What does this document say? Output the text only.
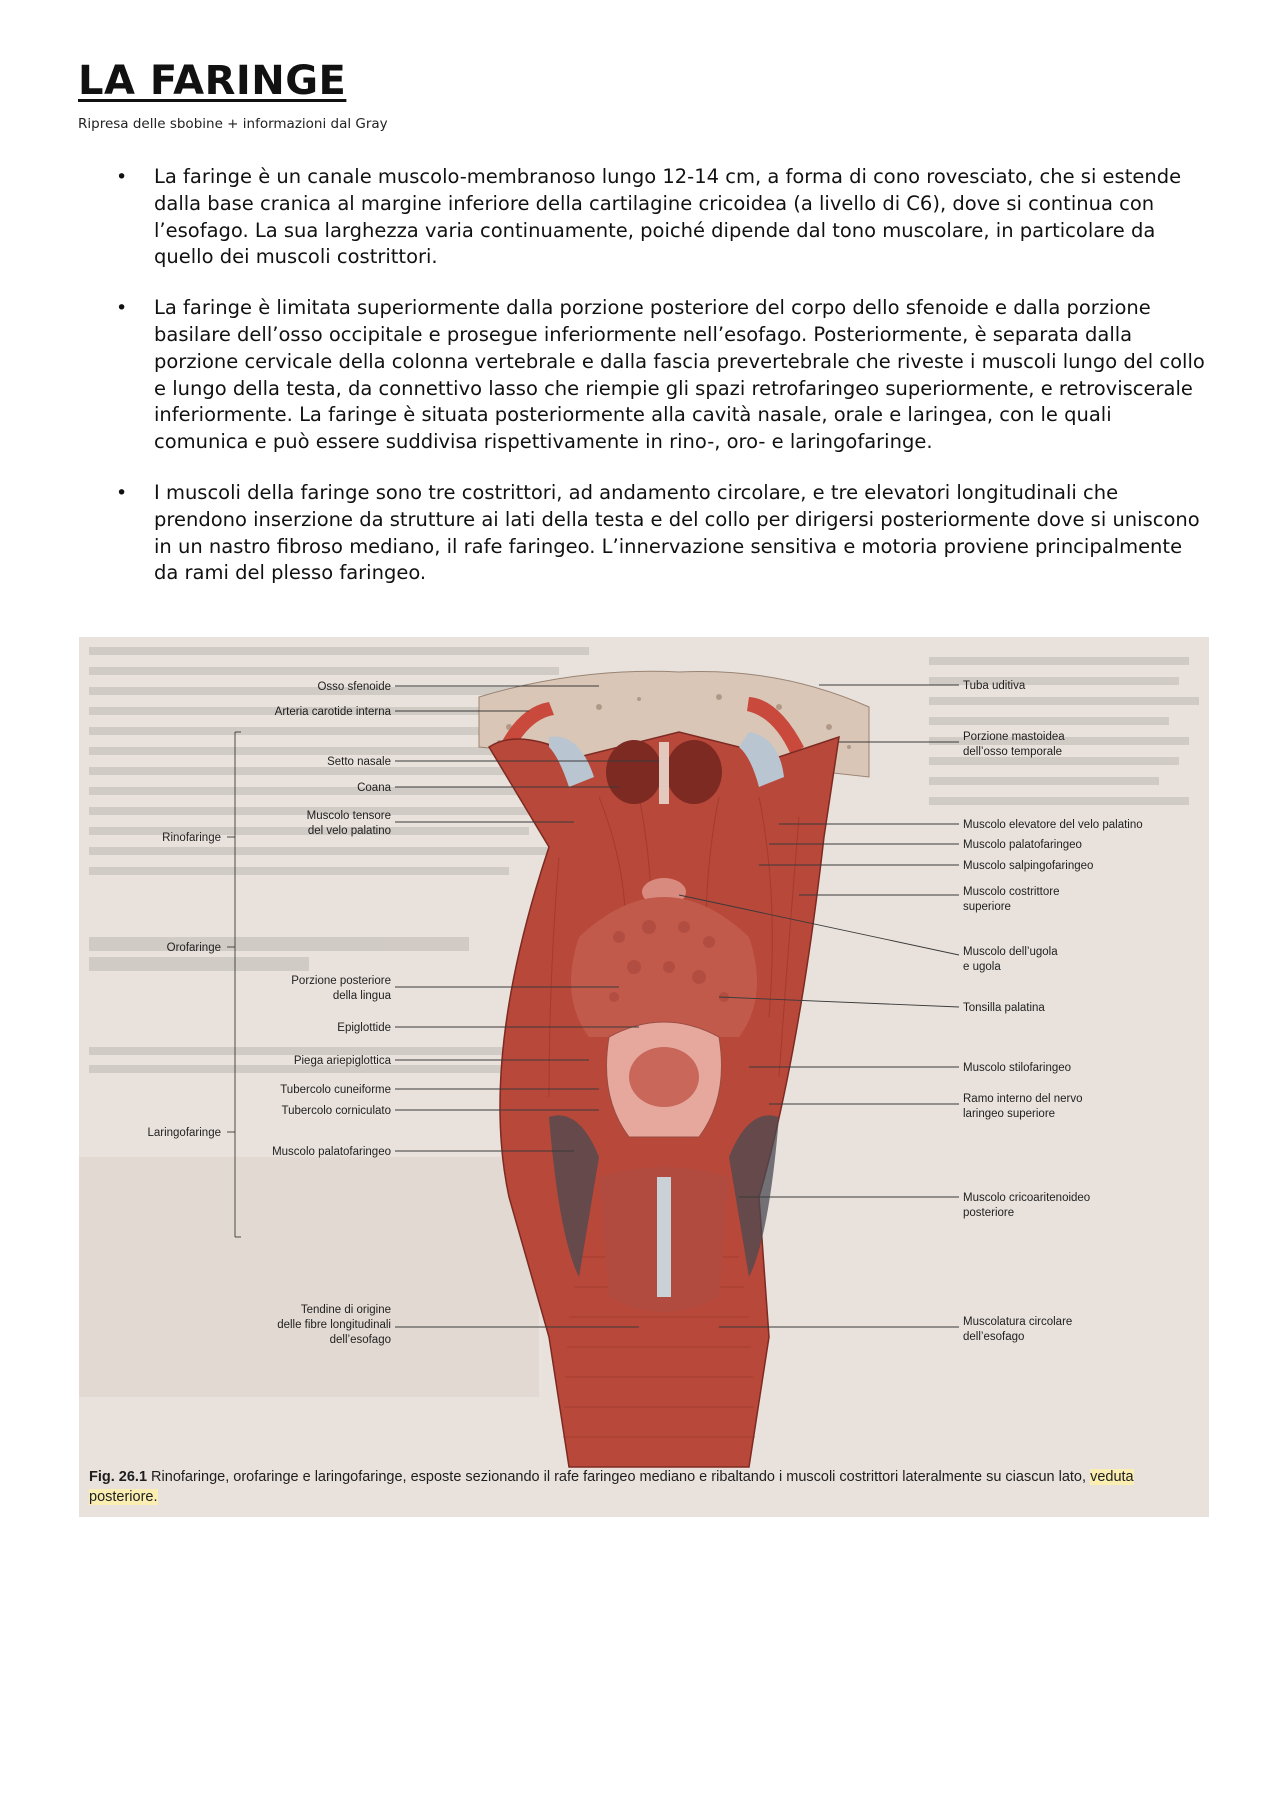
LA FARINGE

Ripresa delle sbobine + informazioni dal Gray

• La faringe è un canale muscolo-membranoso lungo 12-14 cm, a forma di cono rovesciato, che si estende dalla base cranica al margine inferiore della cartilagine cricoidea (a livello di C6), dove si continua con l’esofago. La sua larghezza varia continuamente, poiché dipende dal tono muscolare, in particolare da quello dei muscoli costrittori.
• La faringe è limitata superiormente dalla porzione posteriore del corpo dello sfenoide e dalla porzione basilare dell’osso occipitale e prosegue inferiormente nell’esofago. Posteriormente, è separata dalla porzione cervicale della colonna vertebrale e dalla fascia prevertebrale che riveste i muscoli lungo del collo e lungo della testa, da connettivo lasso che riempie gli spazi retrofaringeo superiormente, e retroviscerale inferiormente. La faringe è situata posteriormente alla cavità nasale, orale e laringea, con le quali comunica e può essere suddivisa rispettivamente in rino-, oro- e laringofaringe.
• I muscoli della faringe sono tre costrittori, ad andamento circolare, e tre elevatori longitudinali che prendono inserzione da strutture ai lati della testa e del collo per dirigersi posteriormente dove si uniscono in un nastro fibroso mediano, il rafe faringeo. L’innervazione sensitiva e motoria proviene principalmente da rami del plesso faringeo.
Osso sfenoide
Arteria carotide interna
Setto nasale
Coana
Muscolo tensore
del velo palatino
Porzione posteriore
della lingua
Epiglottide
Piega ariepiglottica
Tubercolo cuneiforme
Tubercolo corniculato
Muscolo palatofaringeo
Tendine di origine
delle fibre longitudinali
dell’esofago
Rinofaringe
Orofaringe
Laringofaringe
Tuba uditiva
Porzione mastoidea
dell’osso temporale
Muscolo elevatore del velo palatino
Muscolo palatofaringeo
Muscolo salpingofaringeo
Muscolo costrittore
superiore
Muscolo dell’ugola
e ugola
Tonsilla palatina
Muscolo stilofaringeo
Ramo interno del nervo
laringeo superiore
Muscolo cricoaritenoideo
posteriore
Muscolatura circolare
dell’esofago
Fig. 26.1 Rinofaringe, orofaringe e laringofaringe, esposte sezionando il rafe faringeo mediano e ribaltando i muscoli costrittori lateralmente su ciascun lato, veduta posteriore.
